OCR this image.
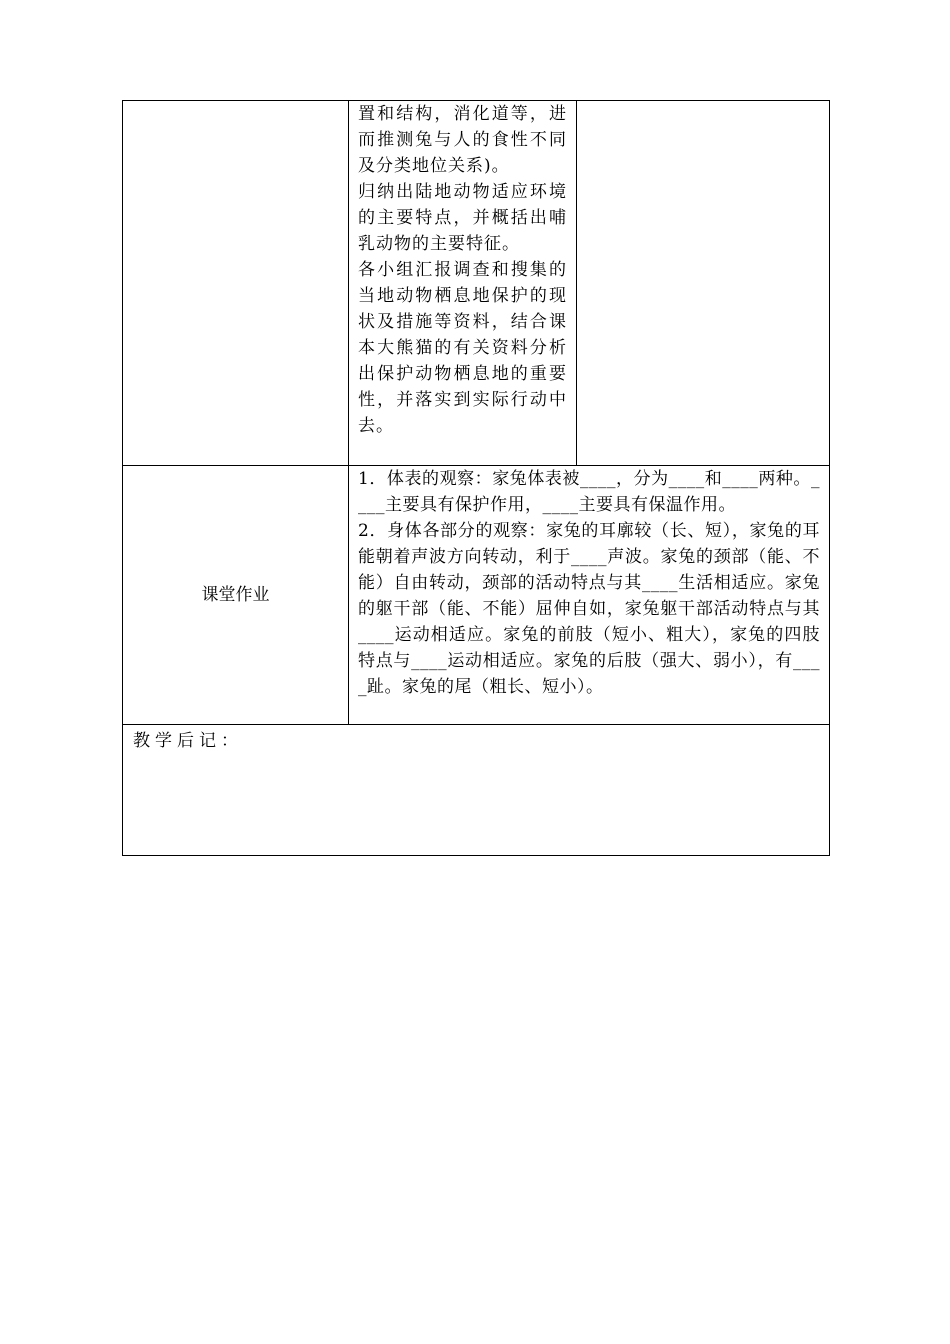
	置和结构，消化道等，进而推测兔与人的食性不同及分类地位关系)。

归纳出陆地动物适应环境的主要特点，并概括出哺乳动物的主要特征。

各小组汇报调查和搜集的当地动物栖息地保护的现状及措施等资料，结合课本大熊猫的有关资料分析出保护动物栖息地的重要性，并落实到实际行动中去。	

课堂作业	1．体表的观察：家兔体表被____，分为____和____两种。____主要具有保护作用，____主要具有保温作用。

2．身体各部分的观察：家兔的耳廓较（长、短），家兔的耳能朝着声波方向转动，利于____声波。家兔的颈部（能、不能）自由转动，颈部的活动特点与其____生活相适应。家兔的躯干部（能、不能）屈伸自如，家兔躯干部活动特点与其____运动相适应。家兔的前肢（短小、粗大），家兔的四肢特点与____运动相适应。家兔的后肢（强大、弱小），有____趾。家兔的尾（粗长、短小）。	

教学后记：		
